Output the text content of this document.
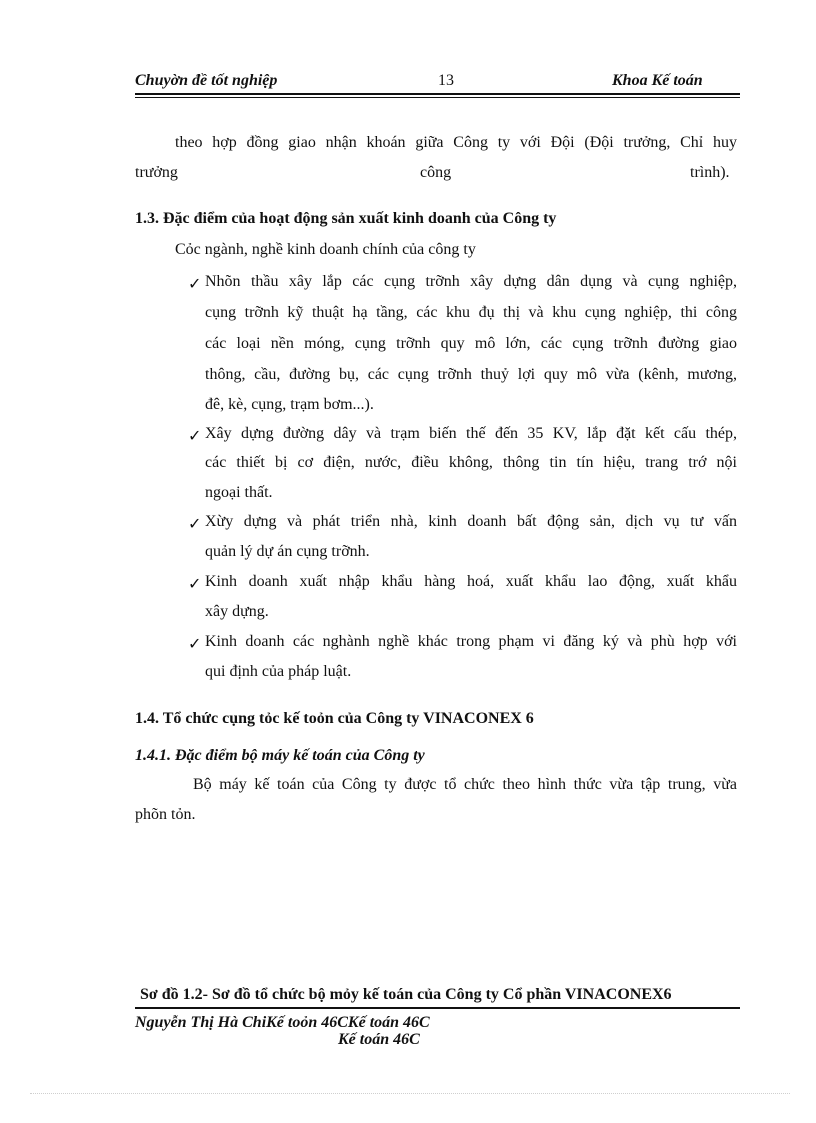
Chuyờn đề tốt nghiệp	13	Khoa Kế toán
theo hợp đồng giao nhận khoán giữa Công ty với Đội (Đội trưởng, Chỉ huy
trưởng	công	trình).
1.3. Đặc điểm của hoạt động sản xuất kinh doanh của Công ty
Cỏc ngành, nghề kinh doanh chính của công ty
✓ Nhõn thầu xây lắp các cụng trỡnh xây dựng dân dụng và cụng nghiệp,
cụng trỡnh kỹ thuật hạ tầng, các khu đụ thị và khu cụng nghiệp, thi công
các loại nền móng, cụng trỡnh quy mô lớn, các cụng trỡnh đường giao
thông, cầu, đường bụ, các cụng trỡnh thuỷ lợi quy mô vừa (kênh, mương,
đê, kè, cụng, trạm bơm...).
✓ Xây dựng đường dây và trạm biến thế đến 35 KV, lắp đặt kết cấu thép,
các thiết bị cơ điện, nước, điều không, thông tin tín hiệu, trang trớ nội
ngoại thất.
✓ Xừy dựng và phát triển nhà, kinh doanh bất động sản, dịch vụ tư vấn
quản lý dự án cụng trỡnh.
✓ Kinh doanh xuất nhập khẩu hàng hoá, xuất khẩu lao động, xuất khẩu
xây dựng.
✓ Kinh doanh các nghành nghề khác trong phạm vi đăng ký và phù hợp với
qui định của pháp luật.
1.4. Tổ chức cụng tỏc kế toỏn của Công ty VINACONEX 6
1.4.1. Đặc điểm bộ máy kế toán của Công ty
Bộ máy kế toán của Công ty được tổ chức theo hình thức vừa tập trung, vừa
phõn tỏn.
Sơ đồ 1.2- Sơ đồ tổ chức bộ mỏy kế toán của Công ty Cổ phần VINACONEX6
Nguyễn Thị Hà ChiKế toỏn 46CKế toán 46C
Kế toán 46C
